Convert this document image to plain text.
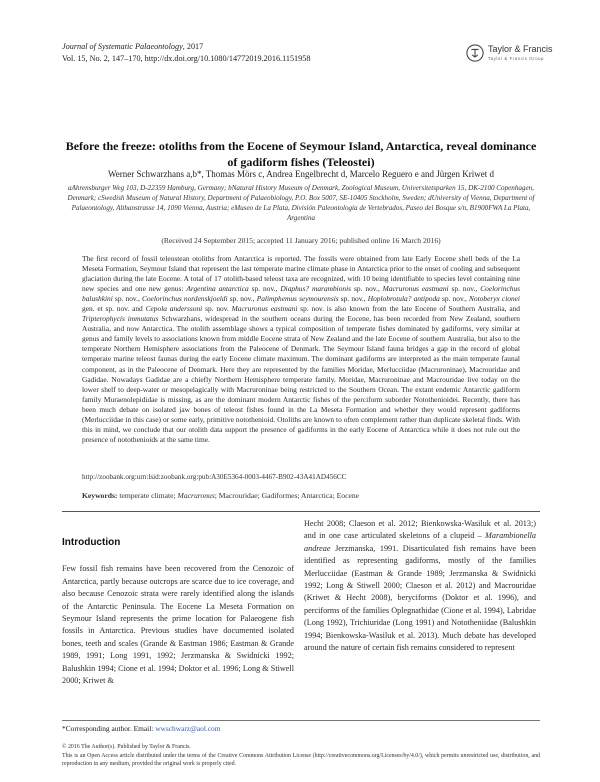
Journal of Systematic Palaeontology, 2017
Vol. 15, No. 2, 147–170, http://dx.doi.org/10.1080/14772019.2016.1151958
Taylor & Francis
Taylor & Francis Group
Before the freeze: otoliths from the Eocene of Seymour Island, Antarctica, reveal dominance of gadiform fishes (Teleostei)
Werner Schwarzhans a,b*, Thomas Mörs c, Andrea Engelbrecht d, Marcelo Reguero e and Jürgen Kriwet d
aAhrensburger Weg 103, D-22359 Hamburg, Germany; bNatural History Museum of Denmark, Zoological Museum, Universitetsparken 15, DK-2100 Copenhagen, Denmark; cSwedish Museum of Natural History, Department of Palaeobiology, P.O. Box 5007, SE-10405 Stockholm, Sweden; dUniversity of Vienna, Department of Palaeontology, Althanstrasse 14, 1090 Vienna, Austria; eMuseo de La Plata, División Paleontología de Vertebrados, Paseo del Bosque s/n, B1900FWA La Plata, Argentina
(Received 24 September 2015; accepted 11 January 2016; published online 16 March 2016)

The first record of fossil teleostean otoliths from Antarctica is reported. The fossils were obtained from late Early Eocene shell beds of the La Meseta Formation, Seymour Island that represent the last temperate marine climate phase in Antarctica prior to the onset of cooling and subsequent glaciation during the late Eocene. A total of 17 otolith-based teleost taxa are recognized, with 10 being identifiable to species level containing nine new species and one new genus: Argentina antarctica sp. nov., Diaphus? marambionis sp. nov., Macruronus eastmani sp. nov., Coelorinchus balushkini sp. nov., Coelorinchus nordenskjoeldi sp. nov., Palimphemus seymourensis sp. nov., Hoplobrotula? antipoda sp. nov., Notoberyx cionei gen. et sp. nov. and Cepola anderssoni sp. nov. Macruronus eastmani sp. nov. is also known from the late Eocene of Southern Australia, and Tripterophycis immutatus Schwarzhans, widespread in the southern oceans during the Eocene, has been recorded from New Zealand, southern Australia, and now Antarctica. The otolith assemblage shows a typical composition of temperate fishes dominated by gadiforms, very similar at genus and family levels to associations known from middle Eocene strata of New Zealand and the late Eocene of southern Australia, but also to the temperate Northern Hemisphere associations from the Paleocene of Denmark. The Seymour Island fauna bridges a gap in the record of global temperate marine teleost faunas during the early Eocene climate maximum. The dominant gadiforms are interpreted as the main temperate faunal component, as in the Paleocene of Denmark. Here they are represented by the families Moridae, Merlucciidae (Macruroninae), Macrouridae and Gadidae. Nowadays Gadidae are a chiefly Northern Hemisphere temperate family. Moridae, Macruroninae and Macrouridae live today on the lower shelf to deep-water or mesopelagically with Macruroninae being restricted to the Southern Ocean. The extant endemic Antarctic gadiform family Muraenolepididae is missing, as are the dominant modern Antarctic fishes of the perciform suborder Notothenioidei. Recently, there has been much debate on isolated jaw bones of teleost fishes found in the La Meseta Formation and whether they would represent gadiforms (Merlucciidae in this case) or some early, primitive notothenioid. Otoliths are known to often complement rather than duplicate skeletal finds. With this in mind, we conclude that our otolith data support the presence of gadiforms in the early Eocene of Antarctica while it does not rule out the presence of notothenioids at the same time.

http://zoobank.org:urn:lsid:zoobank.org:pub:A30E5364-0003-4467-B902-43A41AD456CC
Keywords: temperate climate; Macruronus; Macrouridae; Gadiformes; Antarctica; Eocene
Introduction

Few fossil fish remains have been recovered from the Cenozoic of Antarctica, partly because outcrops are scarce due to ice coverage, and also because Cenozoic strata were rarely identified along the islands of the Antarctic Peninsula. The Eocene La Meseta Formation on Seymour Island represents the prime location for Palaeogene fish fossils in Antarctica. Previous studies have documented isolated bones, teeth and scales (Grande & Eastman 1986; Eastman & Grande 1989, 1991; Long 1991, 1992; Jerzmanska & Swidnicki 1992; Balushkin 1994; Cione et al. 1994; Doktor et al. 1996; Long & Stiwell 2000; Kriwet &

Hecht 2008; Claeson et al. 2012; Bienkowska-Wasiluk et al. 2013;) and in one case articulated skeletons of a clupeid – Marambionella andreae Jerzmanska, 1991. Disarticulated fish remains have been identified as representing gadiforms, mostly of the families Merlucciidae (Eastman & Grande 1989; Jerzmanska & Swidnicki 1992; Long & Stiwell 2000; Claeson et al. 2012) and Macrouridae (Kriwet & Hecht 2008), beryciforms (Doktor et al. 1996), and perciforms of the families Oplegnathidae (Cione et al. 1994), Labridae (Long 1992), Trichiuridae (Long 1991) and Nototheniidae (Balushkin 1994; Bienkowska-Wasiluk et al. 2013). Much debate has developed around the nature of certain fish remains considered to represent

*Corresponding author. Email: wwschwarz@aol.com
© 2016 The Author(s). Published by Taylor & Francis.
This is an Open Access article distributed under the terms of the Creative Commons Attribution License (http://creativecommons.org/Licenses/by/4.0/), which permits unrestricted use, distribution, and reproduction in any medium, provided the original work is properly cited.
